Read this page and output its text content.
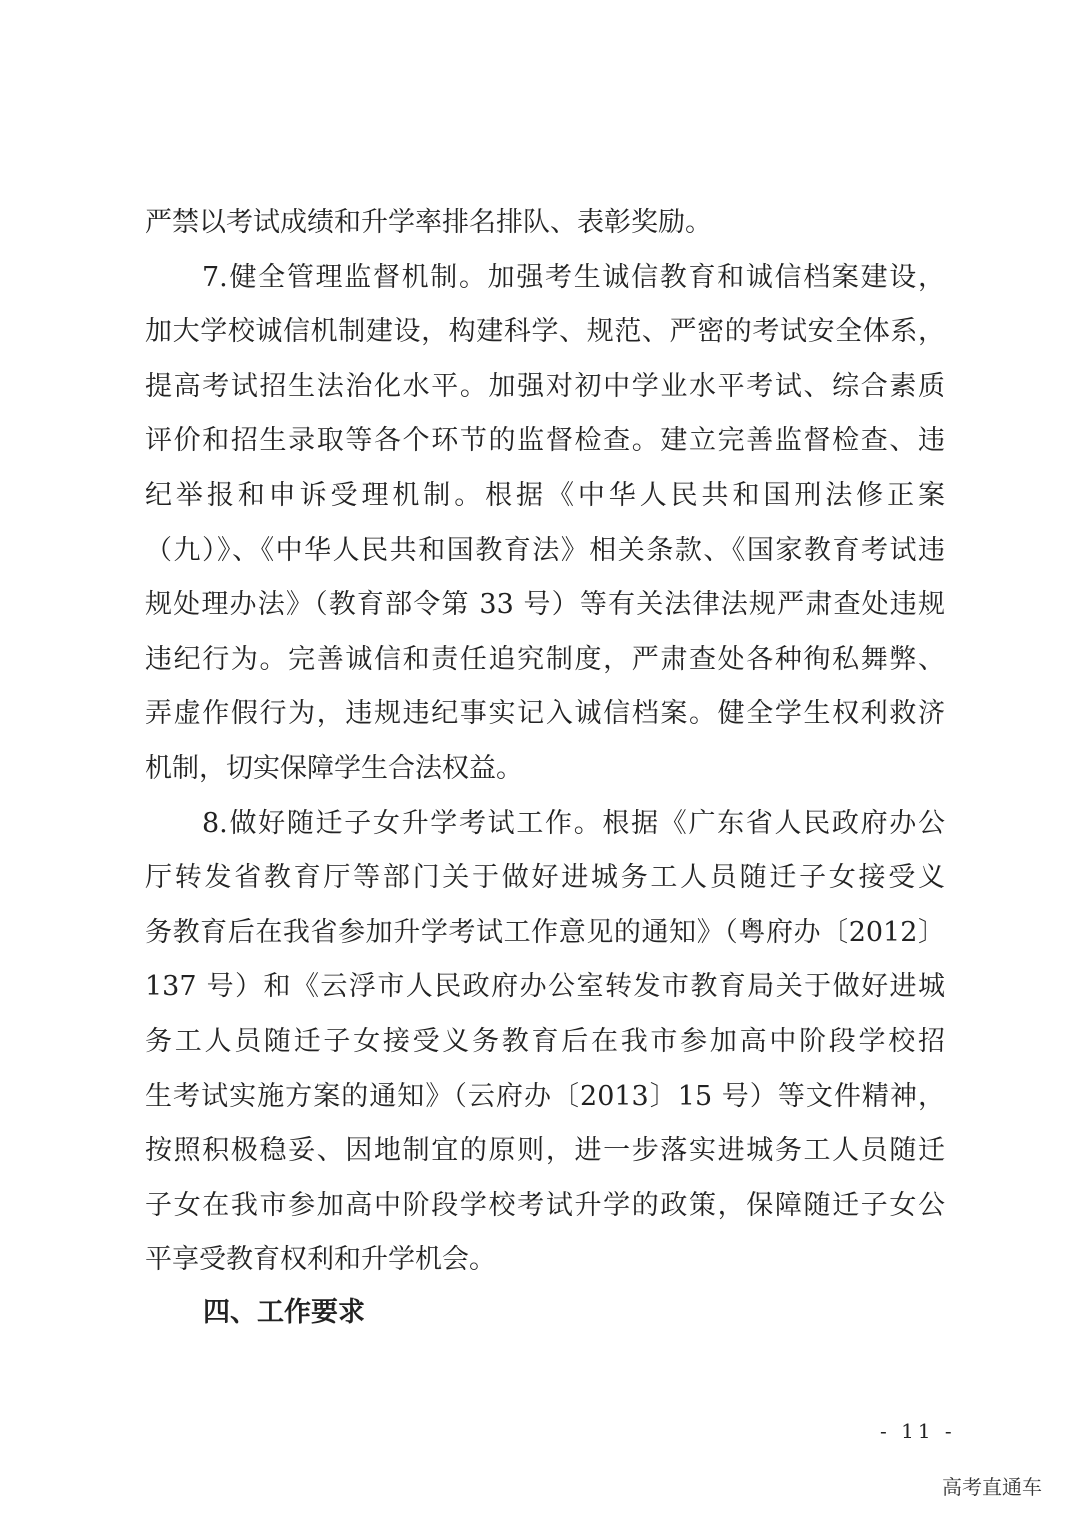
严禁以考试成绩和升学率排名排队、表彰奖励。
7.健全管理监督机制。加强考生诚信教育和诚信档案建设，
加大学校诚信机制建设，构建科学、规范、严密的考试安全体系，
提高考试招生法治化水平。加强对初中学业水平考试、综合素质
评价和招生录取等各个环节的监督检查。建立完善监督检查、违
纪举报和申诉受理机制。根据《中华人民共和国刑法修正案
（九）》、《中华人民共和国教育法》相关条款、《国家教育考试违
规处理办法》（教育部令第 33 号）等有关法律法规严肃查处违规
违纪行为。完善诚信和责任追究制度，严肃查处各种徇私舞弊、
弄虚作假行为，违规违纪事实记入诚信档案。健全学生权利救济
机制，切实保障学生合法权益。
8.做好随迁子女升学考试工作。根据《广东省人民政府办公
厅转发省教育厅等部门关于做好进城务工人员随迁子女接受义
务教育后在我省参加升学考试工作意见的通知》（粤府办〔2012〕
137 号）和《云浮市人民政府办公室转发市教育局关于做好进城
务工人员随迁子女接受义务教育后在我市参加高中阶段学校招
生考试实施方案的通知》（云府办〔2013〕15 号）等文件精神，
按照积极稳妥、因地制宜的原则，进一步落实进城务工人员随迁
子女在我市参加高中阶段学校考试升学的政策，保障随迁子女公
平享受教育权利和升学机会。
四、工作要求
- 11 -
高考直通车
